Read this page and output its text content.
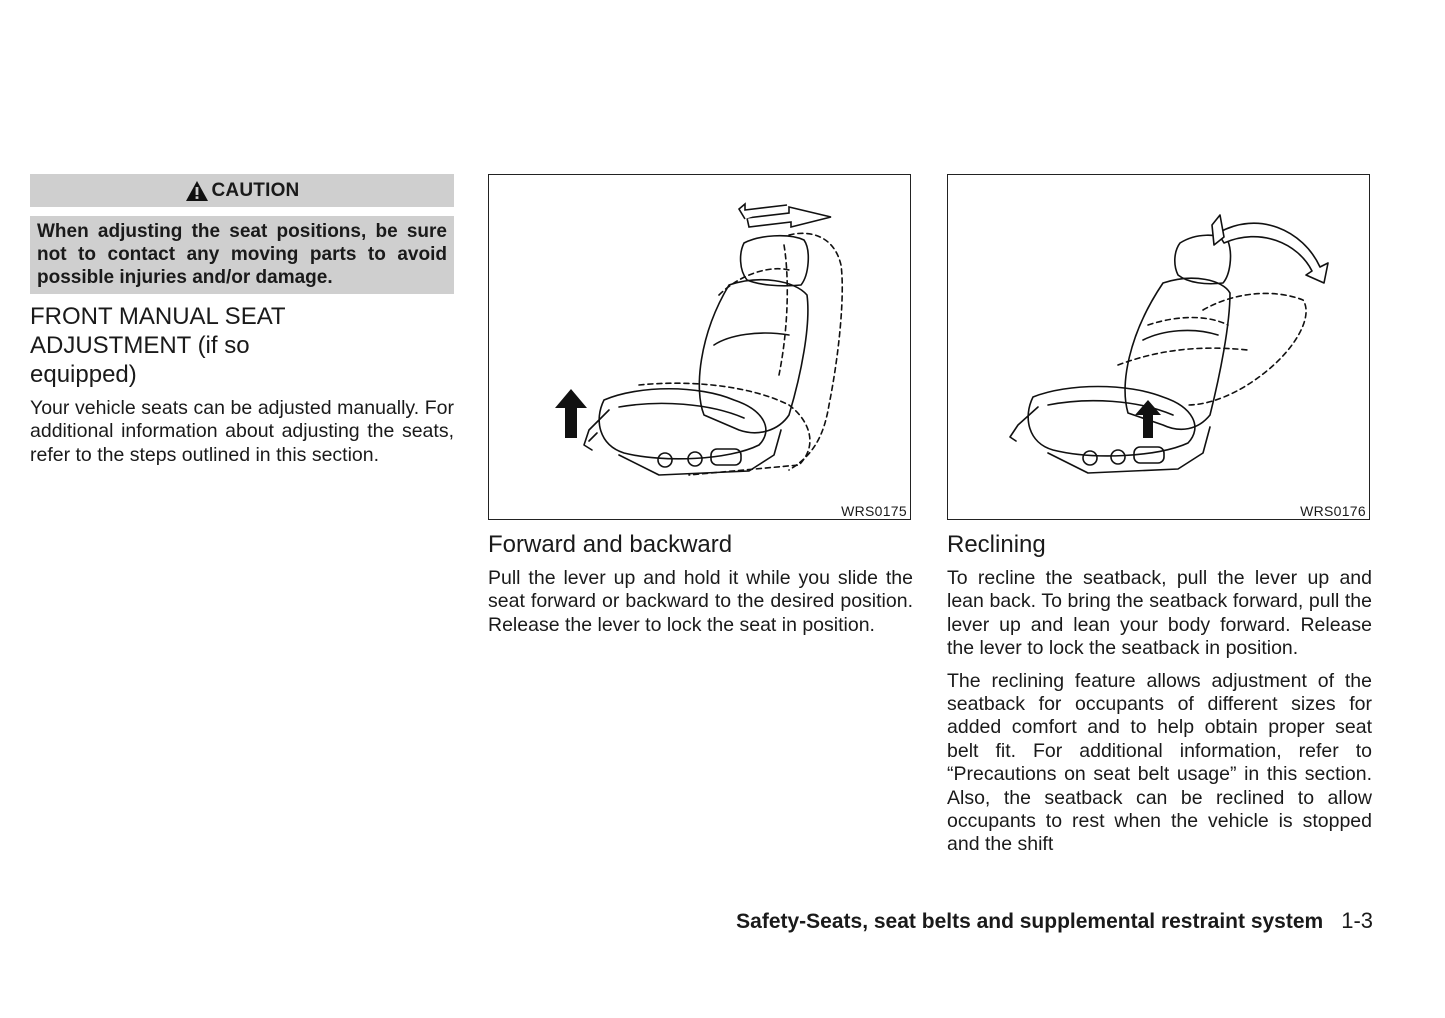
CAUTION
When adjusting the seat positions, be sure not to contact any moving parts to avoid possible injuries and/or damage.
FRONT MANUAL SEAT
ADJUSTMENT (if so equipped)

Your vehicle seats can be adjusted manually. For additional information about adjusting the seats, refer to the steps outlined in this section.

WRS0175
Forward and backward

Pull the lever up and hold it while you slide the seat forward or backward to the desired position. Release the lever to lock the seat in position.

WRS0176
Reclining

To recline the seatback, pull the lever up and lean back. To bring the seatback forward, pull the lever up and lean your body forward. Release the lever to lock the seatback in position.

The reclining feature allows adjustment of the seatback for occupants of different sizes for added comfort and to help obtain proper seat belt fit. For additional information, refer to “Precautions on seat belt usage” in this section. Also, the seatback can be reclined to allow occupants to rest when the vehicle is stopped and the shift

Safety-Seats, seat belts and supplemental restraint system 1-3
